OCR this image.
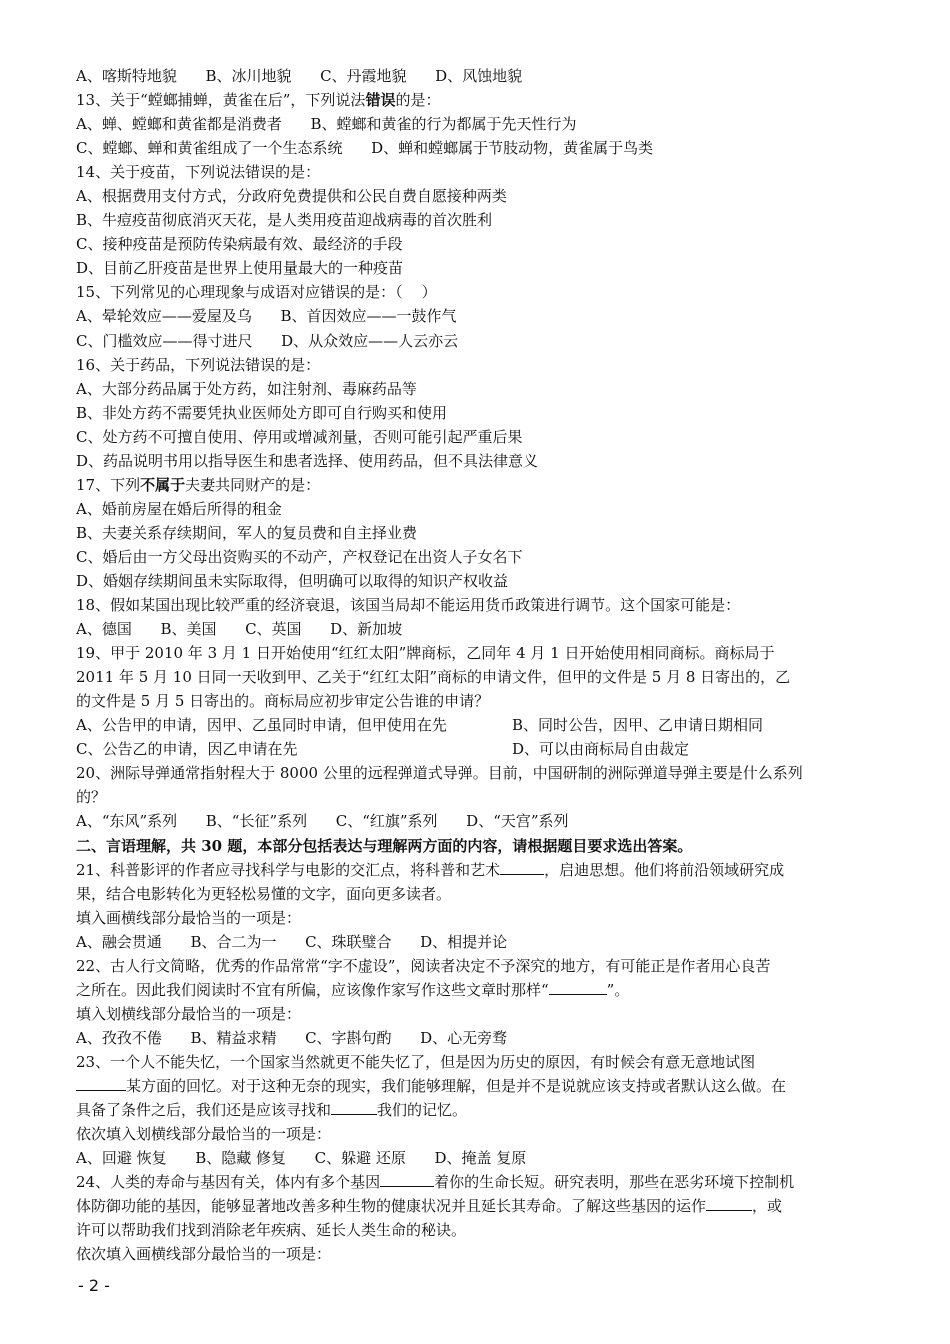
A、喀斯特地貌      B、冰川地貌      C、丹霞地貌      D、风蚀地貌
13、关于“螳螂捕蝉，黄雀在后”，下列说法错误的是：
A、蝉、螳螂和黄雀都是消费者      B、螳螂和黄雀的行为都属于先天性行为
C、螳螂、蝉和黄雀组成了一个生态系统      D、蝉和螳螂属于节肢动物，黄雀属于鸟类
14、关于疫苗，下列说法错误的是：
A、根据费用支付方式，分政府免费提供和公民自费自愿接种两类
B、牛痘疫苗彻底消灭天花，是人类用疫苗迎战病毒的首次胜利
C、接种疫苗是预防传染病最有效、最经济的手段
D、目前乙肝疫苗是世界上使用量最大的一种疫苗
15、下列常见的心理现象与成语对应错误的是：（    ）
A、晕轮效应——爱屋及乌      B、首因效应——一鼓作气
C、门槛效应——得寸进尺      D、从众效应——人云亦云
16、关于药品，下列说法错误的是：
A、大部分药品属于处方药，如注射剂、毒麻药品等
B、非处方药不需要凭执业医师处方即可自行购买和使用
C、处方药不可擅自使用、停用或增减剂量，否则可能引起严重后果
D、药品说明书用以指导医生和患者选择、使用药品，但不具法律意义
17、下列不属于夫妻共同财产的是：
A、婚前房屋在婚后所得的租金
B、夫妻关系存续期间，军人的复员费和自主择业费
C、婚后由一方父母出资购买的不动产，产权登记在出资人子女名下
D、婚姻存续期间虽未实际取得，但明确可以取得的知识产权收益
18、假如某国出现比较严重的经济衰退，该国当局却不能运用货币政策进行调节。这个国家可能是：
A、德国      B、美国      C、英国      D、新加坡
19、甲于 2010 年 3 月 1 日开始使用“红红太阳”牌商标，乙同年 4 月 1 日开始使用相同商标。商标局于
2011 年 5 月 10 日同一天收到甲、乙关于“红红太阳”商标的申请文件，但甲的文件是 5 月 8 日寄出的，乙
的文件是 5 月 5 日寄出的。商标局应初步审定公告谁的申请？
A、公告甲的申请，因甲、乙虽同时申请，但甲使用在先	B、同时公告，因甲、乙申请日期相同
C、公告乙的申请，因乙申请在先	D、可以由商标局自由裁定
20、洲际导弹通常指射程大于 8000 公里的远程弹道式导弹。目前，中国研制的洲际弹道导弹主要是什么系列
的？
A、“东风”系列      B、“长征”系列      C、“红旗”系列      D、“天宫”系列
二、言语理解，共 30 题，本部分包括表达与理解两方面的内容，请根据题目要求选出答案。
21、科普影评的作者应寻找科学与电影的交汇点，将科普和艺术	，启迪思想。他们将前沿领域研究成
果，结合电影转化为更轻松易懂的文字，面向更多读者。
填入画横线部分最恰当的一项是：
A、融会贯通      B、合二为一      C、珠联璧合      D、相提并论
22、古人行文简略，优秀的作品常常“字不虚设”，阅读者决定不予深究的地方，有可能正是作者用心良苦
之所在。因此我们阅读时不宜有所偏，应该像作家写作这些文章时那样“	”。
填入划横线部分最恰当的一项是：
A、孜孜不倦      B、精益求精      C、字斟句酌      D、心无旁骛
23、一个人不能失忆，一个国家当然就更不能失忆了，但是因为历史的原因，有时候会有意无意地试图
某方面的回忆。对于这种无奈的现实，我们能够理解，但是并不是说就应该支持或者默认这么做。在
具备了条件之后，我们还是应该寻找和	我们的记忆。
依次填入划横线部分最恰当的一项是：
A、回避 恢复      B、隐藏 修复      C、躲避 还原      D、掩盖 复原
24、人类的寿命与基因有关，体内有多个基因	着你的生命长短。研究表明，那些在恶劣环境下控制机
体防御功能的基因，能够显著地改善多种生物的健康状况并且延长其寿命。了解这些基因的运作	，或
许可以帮助我们找到消除老年疾病、延长人类生命的秘诀。
依次填入画横线部分最恰当的一项是：
- 2 -
